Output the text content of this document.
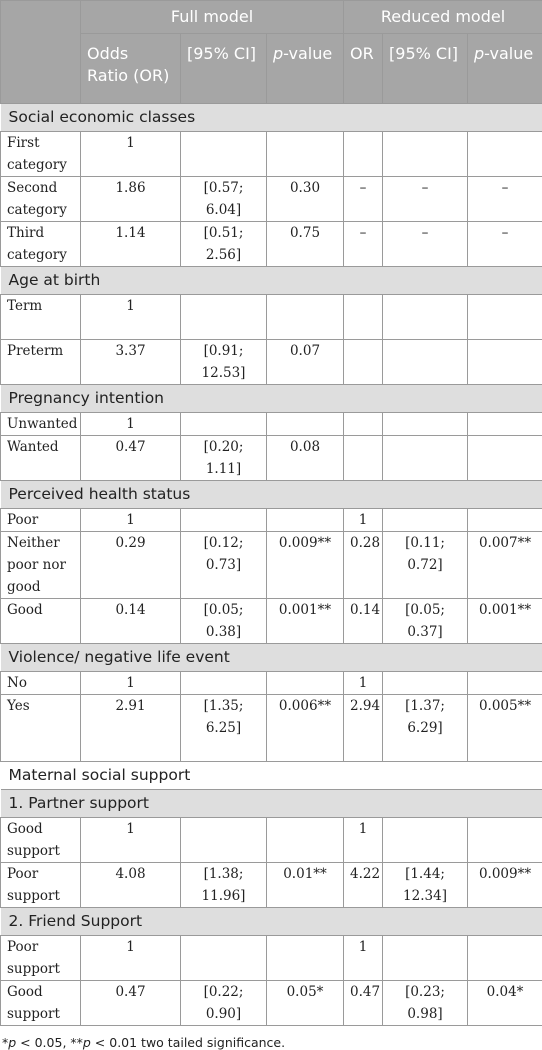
	Full model			Reduced model		
	Odds Ratio (OR)	[95% CI]	p-value	OR	[95% CI]	p-value
Social economic classes						
First category	1					
Second category	1.86	[0.57; 6.04]	0.30	–	–	–
Third category	1.14	[0.51; 2.56]	0.75	–	–	–
Age at birth						
Term	1					
Preterm	3.37	[0.91; 12.53]	0.07			
Pregnancy intention						
Unwanted	1					
Wanted	0.47	[0.20; 1.11]	0.08			
Perceived health status						
Poor	1			1		
Neither poor nor good	0.29	[0.12; 0.73]	0.009**	0.28	[0.11; 0.72]	0.007**
Good	0.14	[0.05; 0.38]	0.001**	0.14	[0.05; 0.37]	0.001**
Violence/ negative life event						
No	1			1		
Yes	2.91	[1.35; 6.25]	0.006**	2.94	[1.37; 6.29]	0.005**
Maternal social support						
1. Partner support						
Good support	1			1		
Poor support	4.08	[1.38; 11.96]	0.01**	4.22	[1.44; 12.34]	0.009**
2. Friend Support						
Poor support	1			1		
Good support	0.47	[0.22; 0.90]	0.05*	0.47	[0.23; 0.98]	0.04*
*p < 0.05, **p < 0.01 two tailed significance.
